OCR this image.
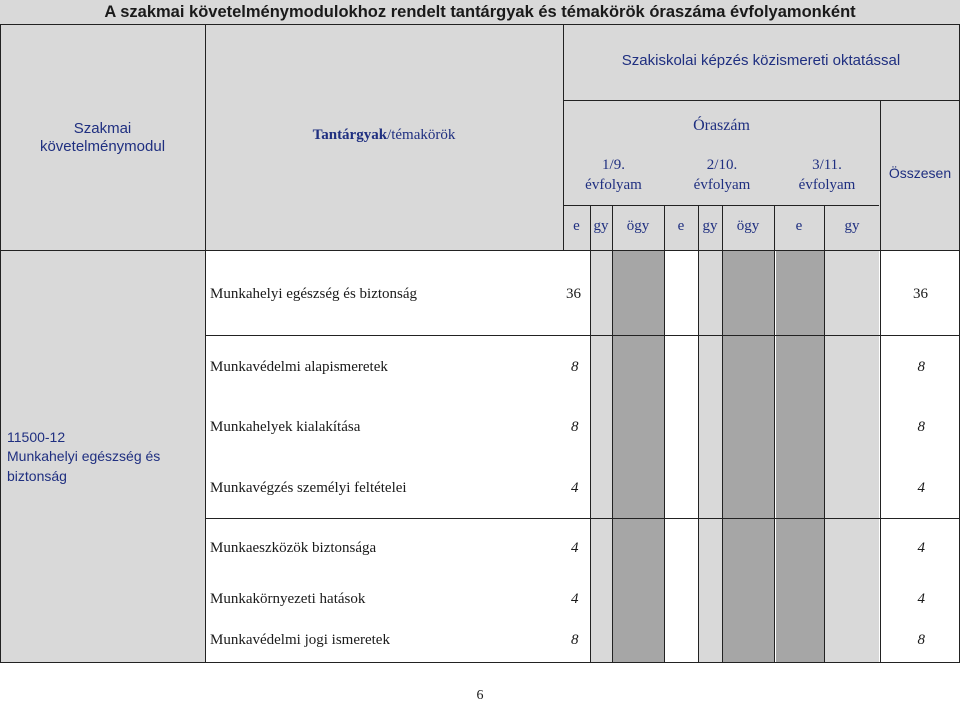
A szakmai követelménymodulokhoz rendelt tantárgyak és témakörök óraszáma évfolyamonként
Szakiskolai képzés közismereti oktatással
Szakmai követelménymodul
Tantárgyak/témakörök
Óraszám
1/9.
évfolyam
2/10.
évfolyam
3/11.
évfolyam
Összesen
e gy	ögy	e	gy	ögy	e	gy
11500-12
Munkahelyi egészség és
biztonság
Munkahelyi egészség és biztonság	36	36
Munkavédelmi alapismeretek	8	8
Munkahelyek kialakítása	8	8
Munkavégzés személyi feltételei	4	4
Munkaeszközök biztonsága	4	4
Munkakörnyezeti hatások	4	4
Munkavédelmi jogi ismeretek	8	8
6
